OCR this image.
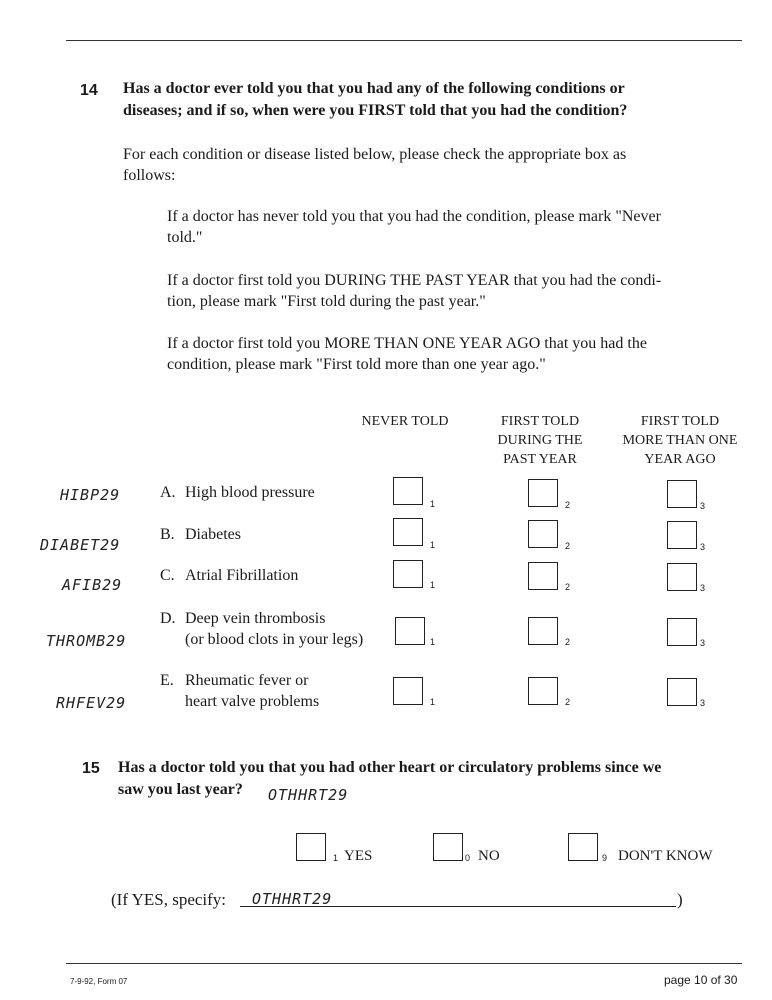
14 Has a doctor ever told you that you had any of the following conditions or
diseases; and if so, when were you FIRST told that you had the condition?
For each condition or disease listed below, please check the appropriate box as
follows:
If a doctor has never told you that you had the condition, please mark "Never
told."
If a doctor first told you DURING THE PAST YEAR that you had the condi-
tion, please mark "First told during the past year."
If a doctor first told you MORE THAN ONE YEAR AGO that you had the
condition, please mark "First told more than one year ago."
NEVER TOLD	FIRST TOLD
DURING THE
PAST YEAR
FIRST TOLD
MORE THAN ONE
YEAR AGO
HIBP29 A. High blood pressure
1	2	3
DIABET29
B. Diabetes
1	2	3
AFIB29
C. Atrial Fibrillation
1	2	3
THROMB29
D. Deep vein thrombosis
(or blood clots in your legs)	1	2	3
RHFEV29
E. Rheumatic fever or
heart valve problems	1	2	3
15 Has a doctor told you that you had other heart or circulatory problems since we
saw you last year?	OTHHRT29
1 YES	0 NO	9 DON'T KNOW
(If YES, specify: OTHHRT29	)
7-9-92, Form 07	page 10 of 30
